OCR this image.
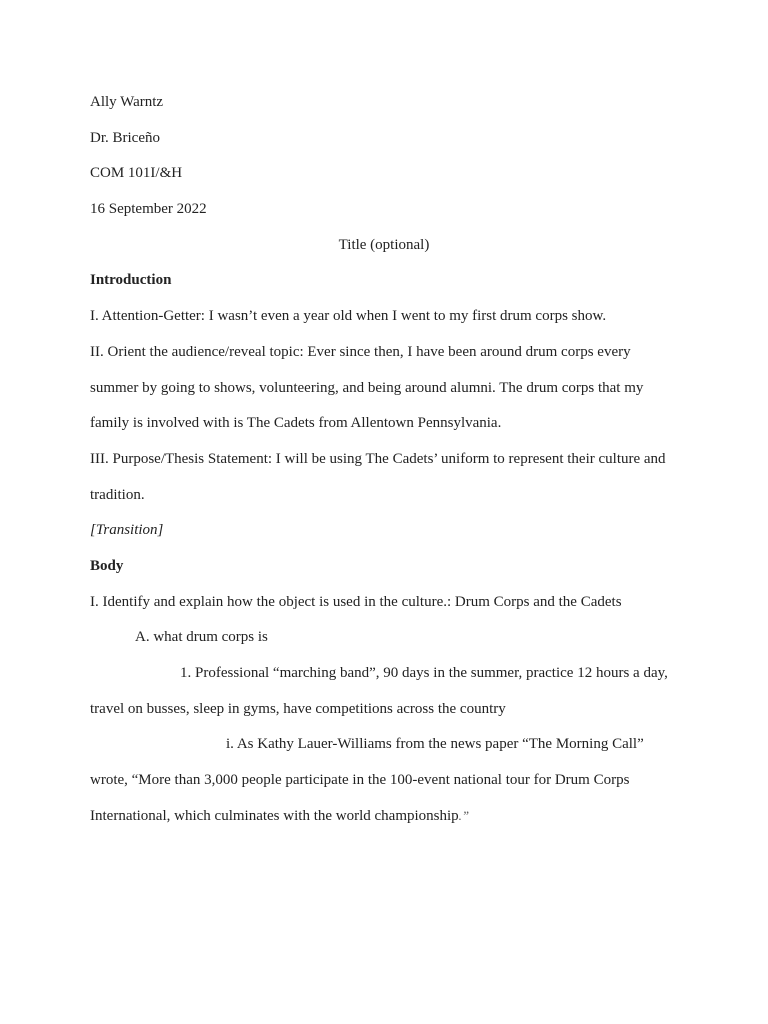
Ally Warntz
Dr. Briceño
COM 101I/&H
16 September 2022
Title (optional)
Introduction
I. Attention-Getter: I wasn’t even a year old when I went to my first drum corps show.
II. Orient the audience/reveal topic: Ever since then, I have been around drum corps every
summer by going to shows, volunteering, and being around alumni. The drum corps that my
family is involved with is The Cadets from Allentown Pennsylvania.
III. Purpose/Thesis Statement: I will be using The Cadets’ uniform to represent their culture and
tradition.
[Transition]
Body
I. Identify and explain how the object is used in the culture.: Drum Corps and the Cadets
A. what drum corps is
1. Professional “marching band”, 90 days in the summer, practice 12 hours a day,
travel on busses, sleep in gyms, have competitions across the country
i. As Kathy Lauer-Williams from the news paper “The Morning Call”
wrote, “More than 3,000 people participate in the 100-event national tour for Drum Corps
International, which culminates with the world championship.”
